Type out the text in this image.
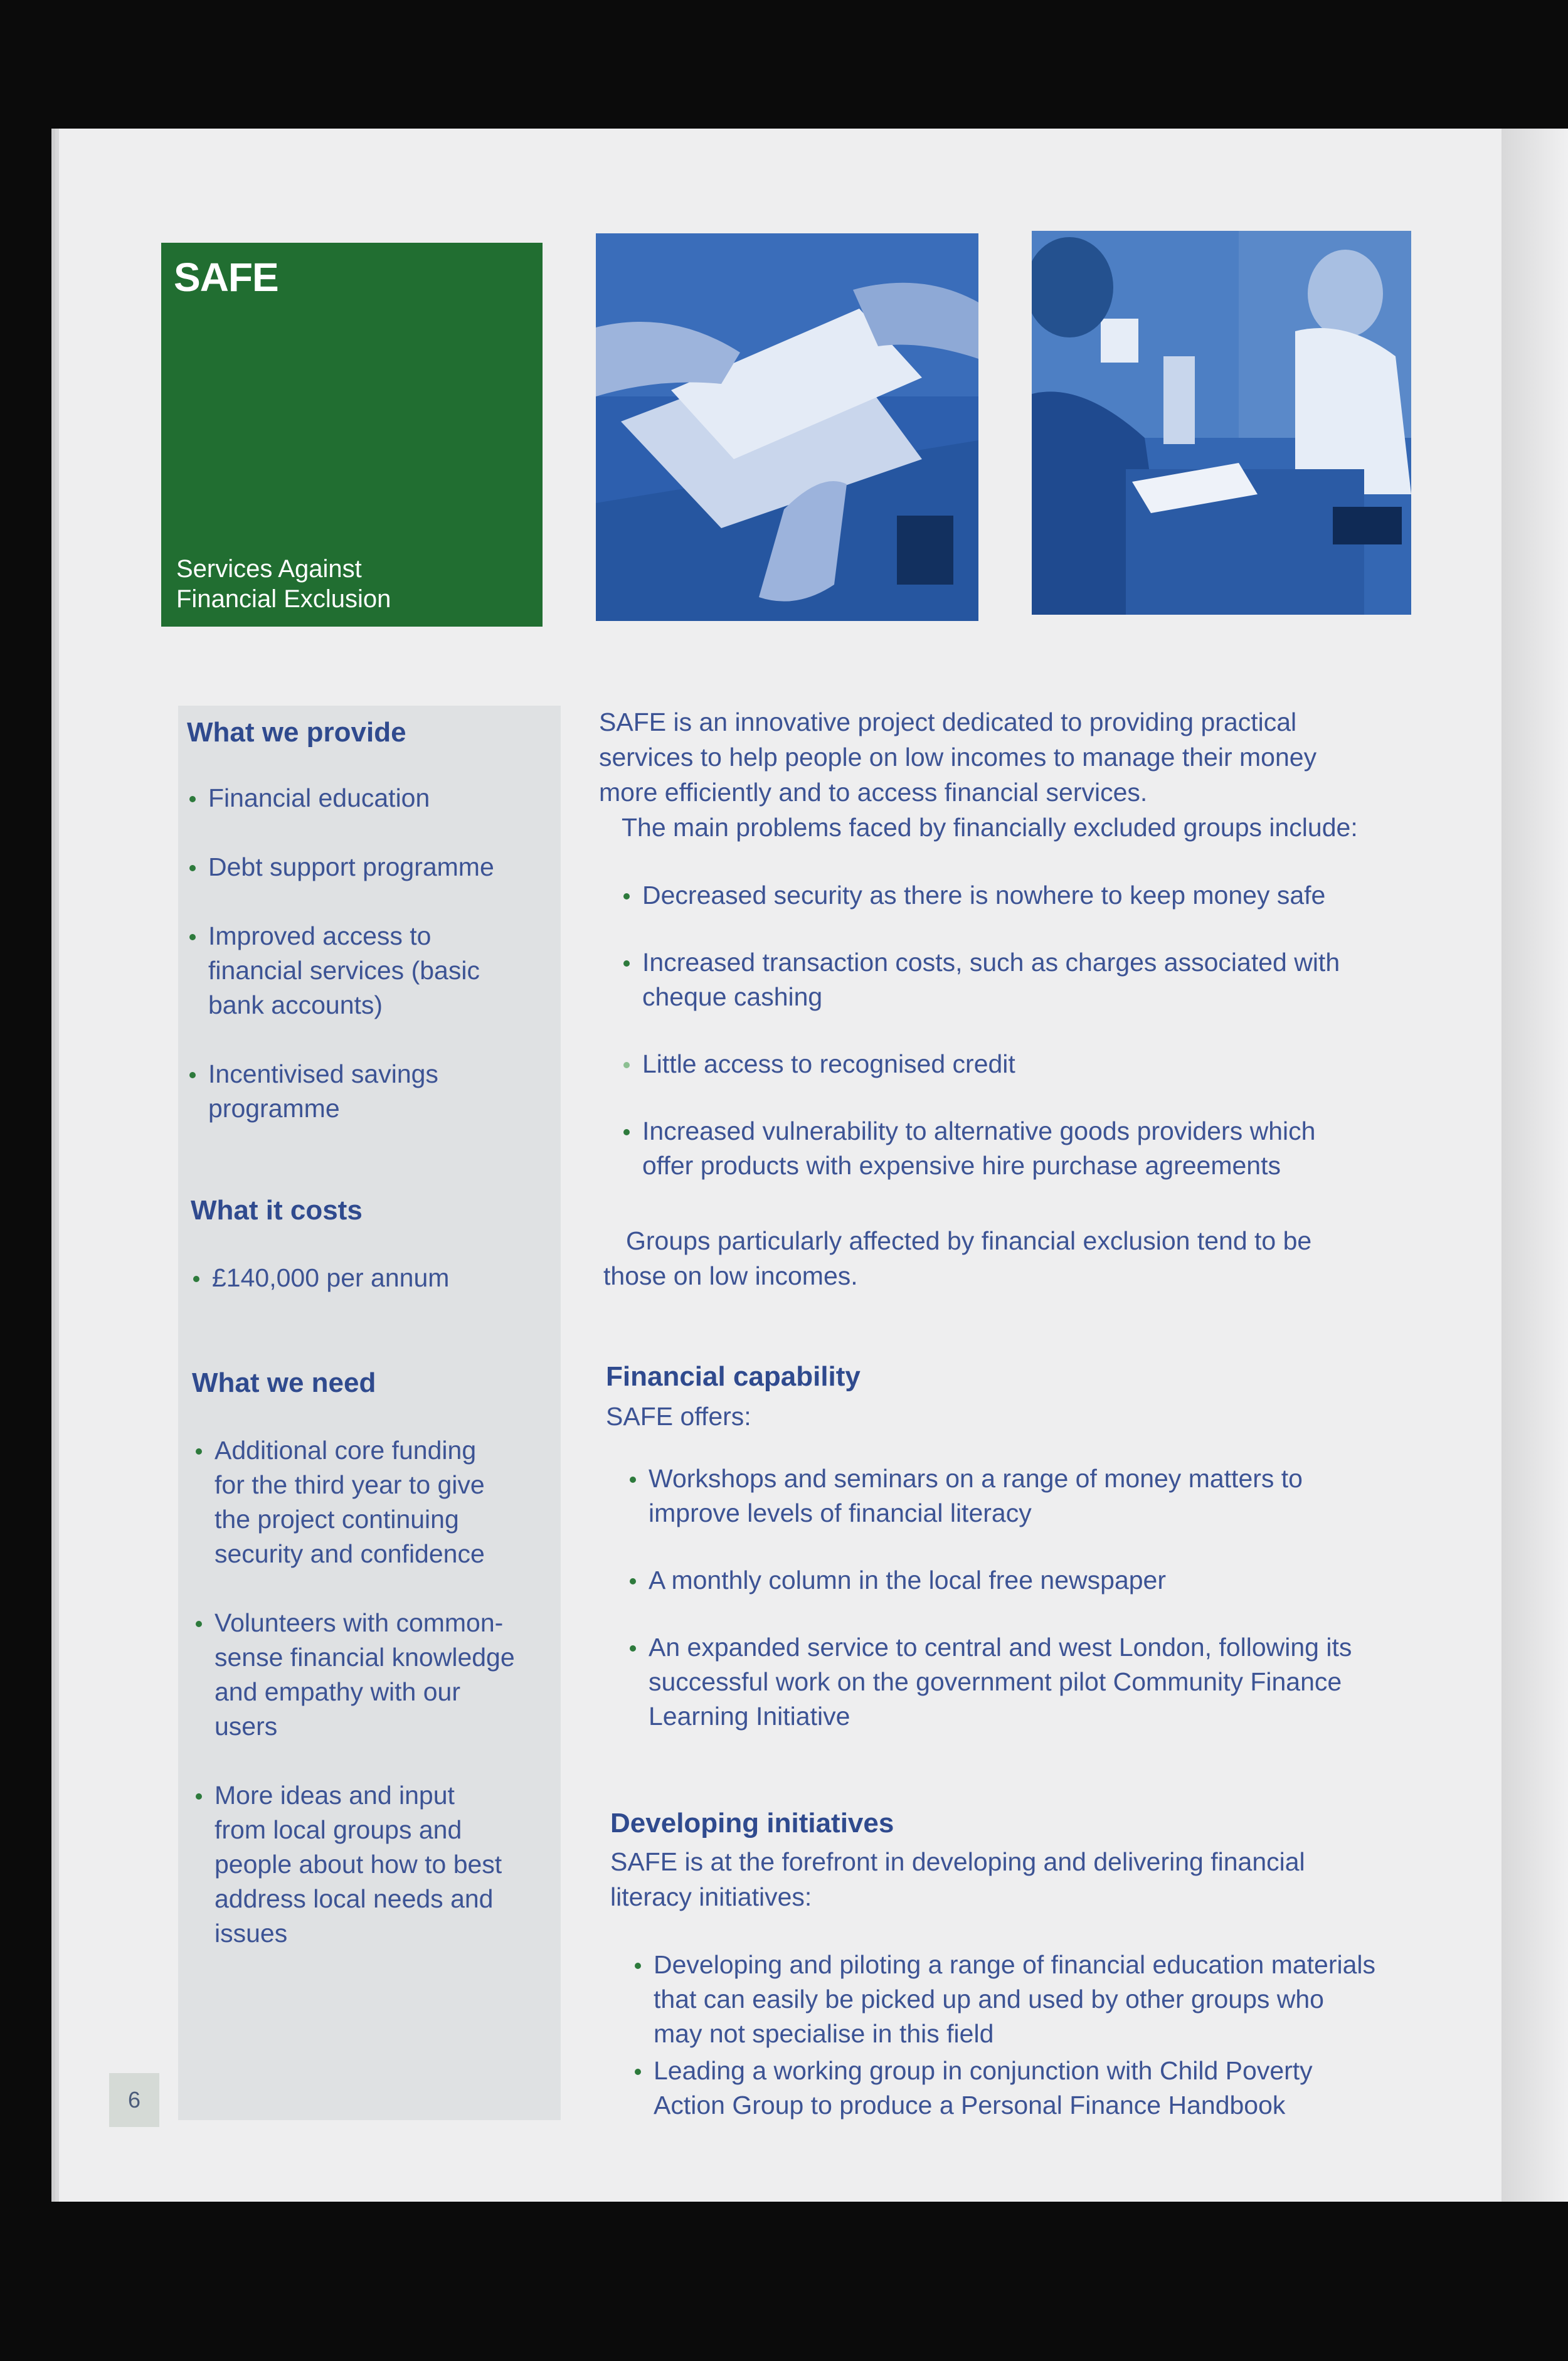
SAFE
Services Against
Financial Exclusion
What we provide
Financial education
Debt support programme
Improved access to
financial services (basic
bank accounts)
Incentivised savings
programme
What it costs
£140,000 per annum
What we need
Additional core funding
for the third year to give
the project continuing
security and confidence
Volunteers with common-
sense financial knowledge
and empathy with our
users
More ideas and input
from local groups and
people about how to best
address local needs and
issues
SAFE is an innovative project dedicated to providing practical
services to help people on low incomes to manage their money
more efficiently and to access financial services.
The main problems faced by financially excluded groups include:
Decreased security as there is nowhere to keep money safe
Increased transaction costs, such as charges associated with
cheque cashing
Little access to recognised credit
Increased vulnerability to alternative goods providers which
offer products with expensive hire purchase agreements
Groups particularly affected by financial exclusion tend to be
those on low incomes.
Financial capability
SAFE offers:
Workshops and seminars on a range of money matters to
improve levels of financial literacy
A monthly column in the local free newspaper
An expanded service to central and west London, following its
successful work on the government pilot Community Finance
Learning Initiative
Developing initiatives
SAFE is at the forefront in developing and delivering financial
literacy initiatives:
Developing and piloting a range of financial education materials
that can easily be picked up and used by other groups who
may not specialise in this field
Leading a working group in conjunction with Child Poverty
Action Group to produce a Personal Finance Handbook
6
